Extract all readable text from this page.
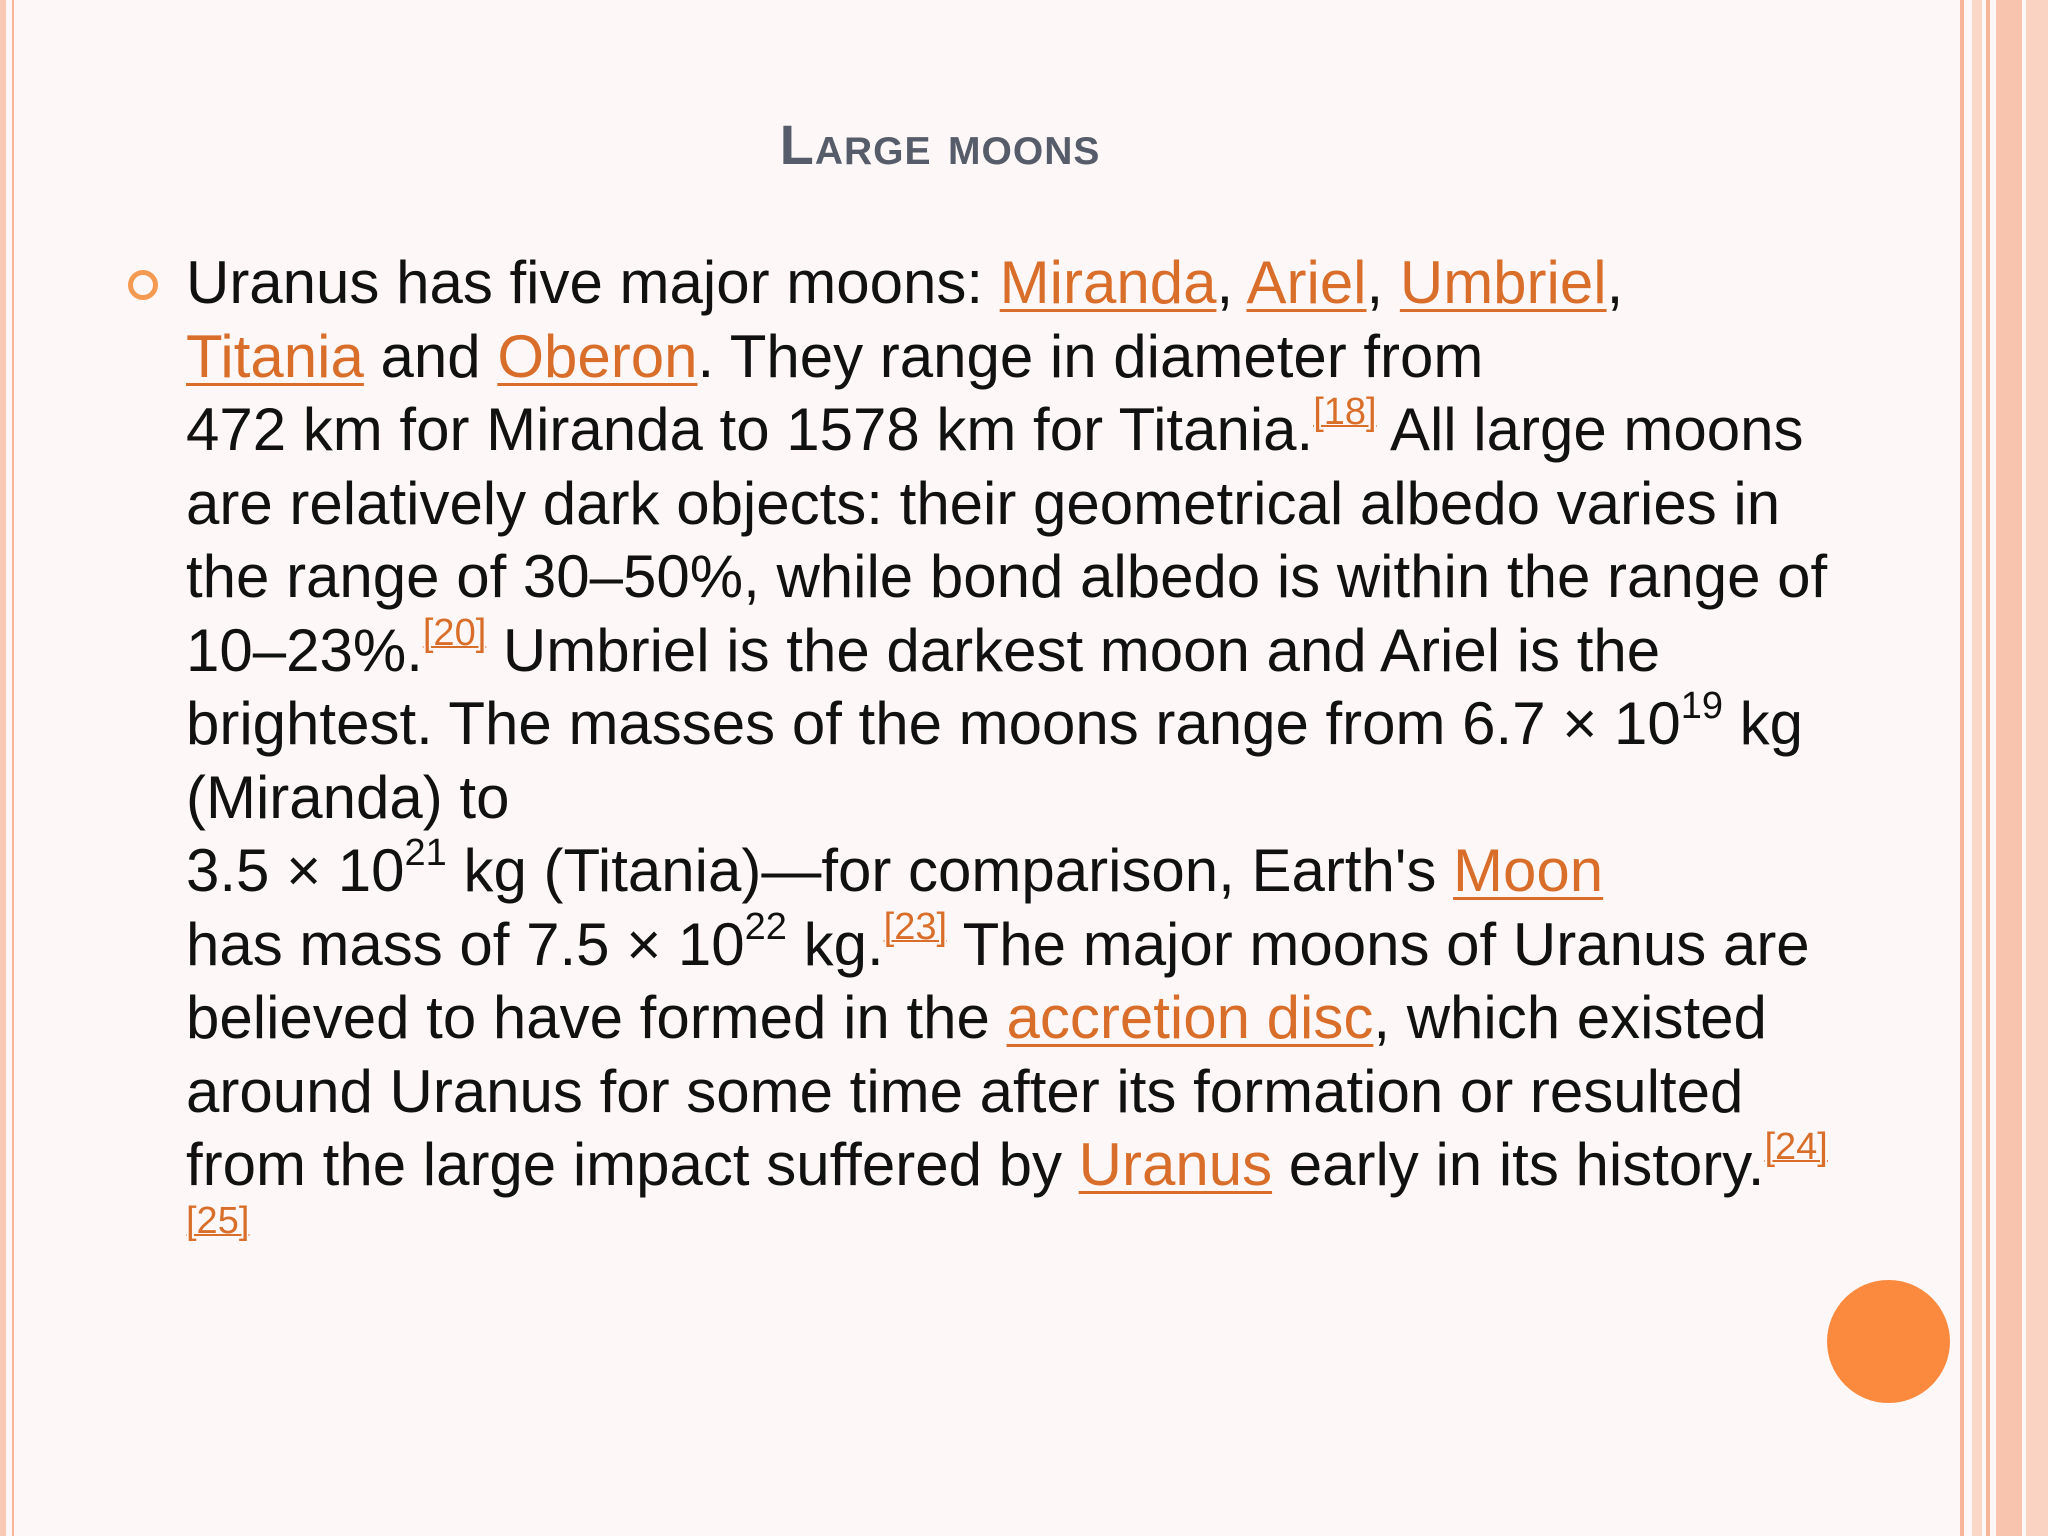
Large moons

Uranus has five major moons: Miranda, Ariel, Umbriel,
Titania and Oberon. They range in diameter from
472 km for Miranda to 1578 km for Titania.[18] All large moons are relatively dark objects: their geometrical albedo varies in the range of 30–50%, while bond albedo is within the range of 10–23%.[20] Umbriel is the darkest moon and Ariel is the brightest. The masses of the moons range from $6.7 \times 10^{19}$ kg (Miranda) to
$3.5 \times 10^{21}$ kg (Titania)—for comparison, Earth's Moon
has mass of $7.5 \times 10^{22}$ kg.[23] The major moons of Uranus are believed to have formed in the accretion disc, which existed around Uranus for some time after its formation or resulted from the large impact suffered by Uranus early in its history.[24][25]
